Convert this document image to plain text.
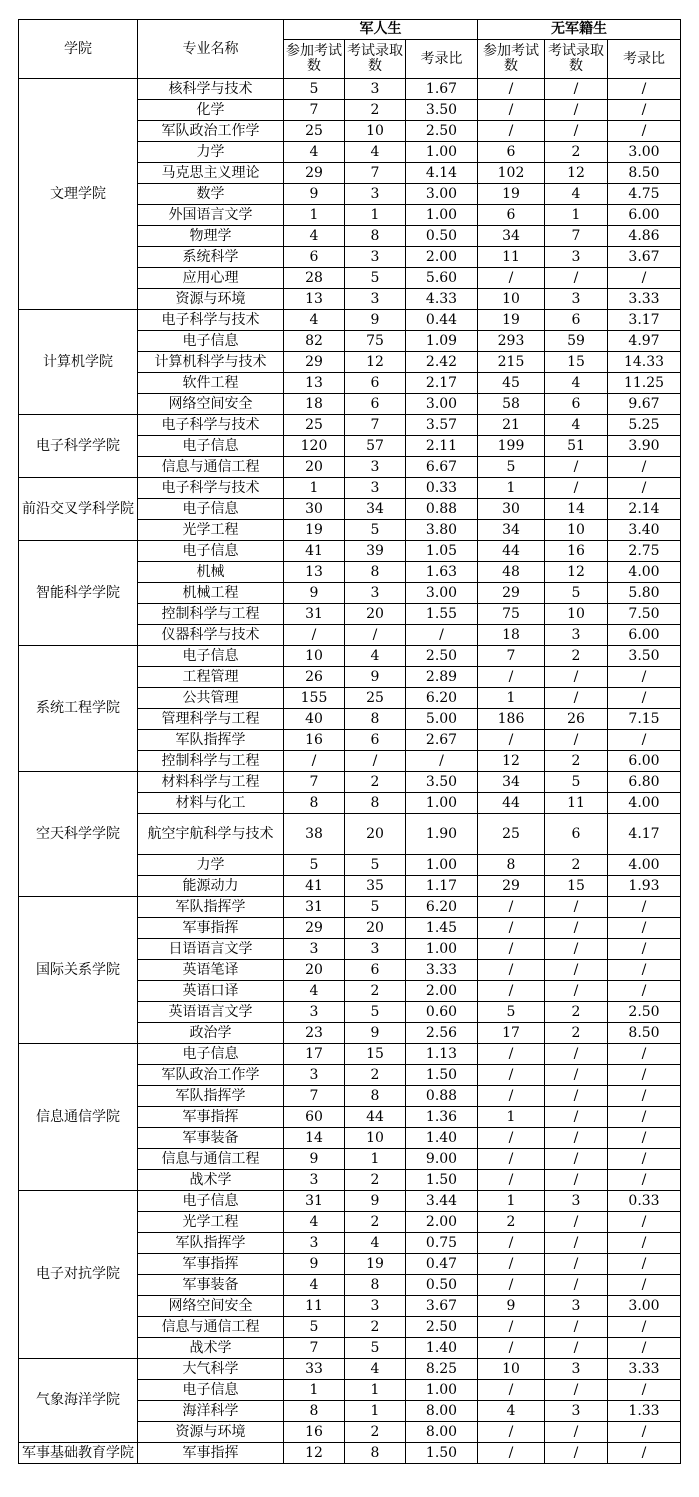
学院	专业名称	军人生			无军籍生		
		参加考试数	考试录取数	考录比	参加考试数	考试录取数	考录比
文理学院	核科学与技术	5	3	1.67	/	/	/
	化学	7	2	3.50	/	/	/
	军队政治工作学	25	10	2.50	/	/	/
	力学	4	4	1.00	6	2	3.00
	马克思主义理论	29	7	4.14	102	12	8.50
	数学	9	3	3.00	19	4	4.75
	外国语言文学	1	1	1.00	6	1	6.00
	物理学	4	8	0.50	34	7	4.86
	系统科学	6	3	2.00	11	3	3.67
	应用心理	28	5	5.60	/	/	/
	资源与环境	13	3	4.33	10	3	3.33
计算机学院	电子科学与技术	4	9	0.44	19	6	3.17
	电子信息	82	75	1.09	293	59	4.97
	计算机科学与技术	29	12	2.42	215	15	14.33
	软件工程	13	6	2.17	45	4	11.25
	网络空间安全	18	6	3.00	58	6	9.67
电子科学学院	电子科学与技术	25	7	3.57	21	4	5.25
	电子信息	120	57	2.11	199	51	3.90
	信息与通信工程	20	3	6.67	5	/	/
前沿交叉学科学院	电子科学与技术	1	3	0.33	1	/	/
	电子信息	30	34	0.88	30	14	2.14
	光学工程	19	5	3.80	34	10	3.40
智能科学学院	电子信息	41	39	1.05	44	16	2.75
	机械	13	8	1.63	48	12	4.00
	机械工程	9	3	3.00	29	5	5.80
	控制科学与工程	31	20	1.55	75	10	7.50
	仪器科学与技术	/	/	/	18	3	6.00
系统工程学院	电子信息	10	4	2.50	7	2	3.50
	工程管理	26	9	2.89	/	/	/
	公共管理	155	25	6.20	1	/	/
	管理科学与工程	40	8	5.00	186	26	7.15
	军队指挥学	16	6	2.67	/	/	/
	控制科学与工程	/	/	/	12	2	6.00
空天科学学院	材料科学与工程	7	2	3.50	34	5	6.80
	材料与化工	8	8	1.00	44	11	4.00
	航空宇航科学与技术	38	20	1.90	25	6	4.17
	力学	5	5	1.00	8	2	4.00
	能源动力	41	35	1.17	29	15	1.93
国际关系学院	军队指挥学	31	5	6.20	/	/	/
	军事指挥	29	20	1.45	/	/	/
	日语语言文学	3	3	1.00	/	/	/
	英语笔译	20	6	3.33	/	/	/
	英语口译	4	2	2.00	/	/	/
	英语语言文学	3	5	0.60	5	2	2.50
	政治学	23	9	2.56	17	2	8.50
信息通信学院	电子信息	17	15	1.13	/	/	/
	军队政治工作学	3	2	1.50	/	/	/
	军队指挥学	7	8	0.88	/	/	/
	军事指挥	60	44	1.36	1	/	/
	军事装备	14	10	1.40	/	/	/
	信息与通信工程	9	1	9.00	/	/	/
	战术学	3	2	1.50	/	/	/
电子对抗学院	电子信息	31	9	3.44	1	3	0.33
	光学工程	4	2	2.00	2	/	/
	军队指挥学	3	4	0.75	/	/	/
	军事指挥	9	19	0.47	/	/	/
	军事装备	4	8	0.50	/	/	/
	网络空间安全	11	3	3.67	9	3	3.00
	信息与通信工程	5	2	2.50	/	/	/
	战术学	7	5	1.40	/	/	/
气象海洋学院	大气科学	33	4	8.25	10	3	3.33
	电子信息	1	1	1.00	/	/	/
	海洋科学	8	1	8.00	4	3	1.33
	资源与环境	16	2	8.00	/	/	/
军事基础教育学院	军事指挥	12	8	1.50	/	/	/
